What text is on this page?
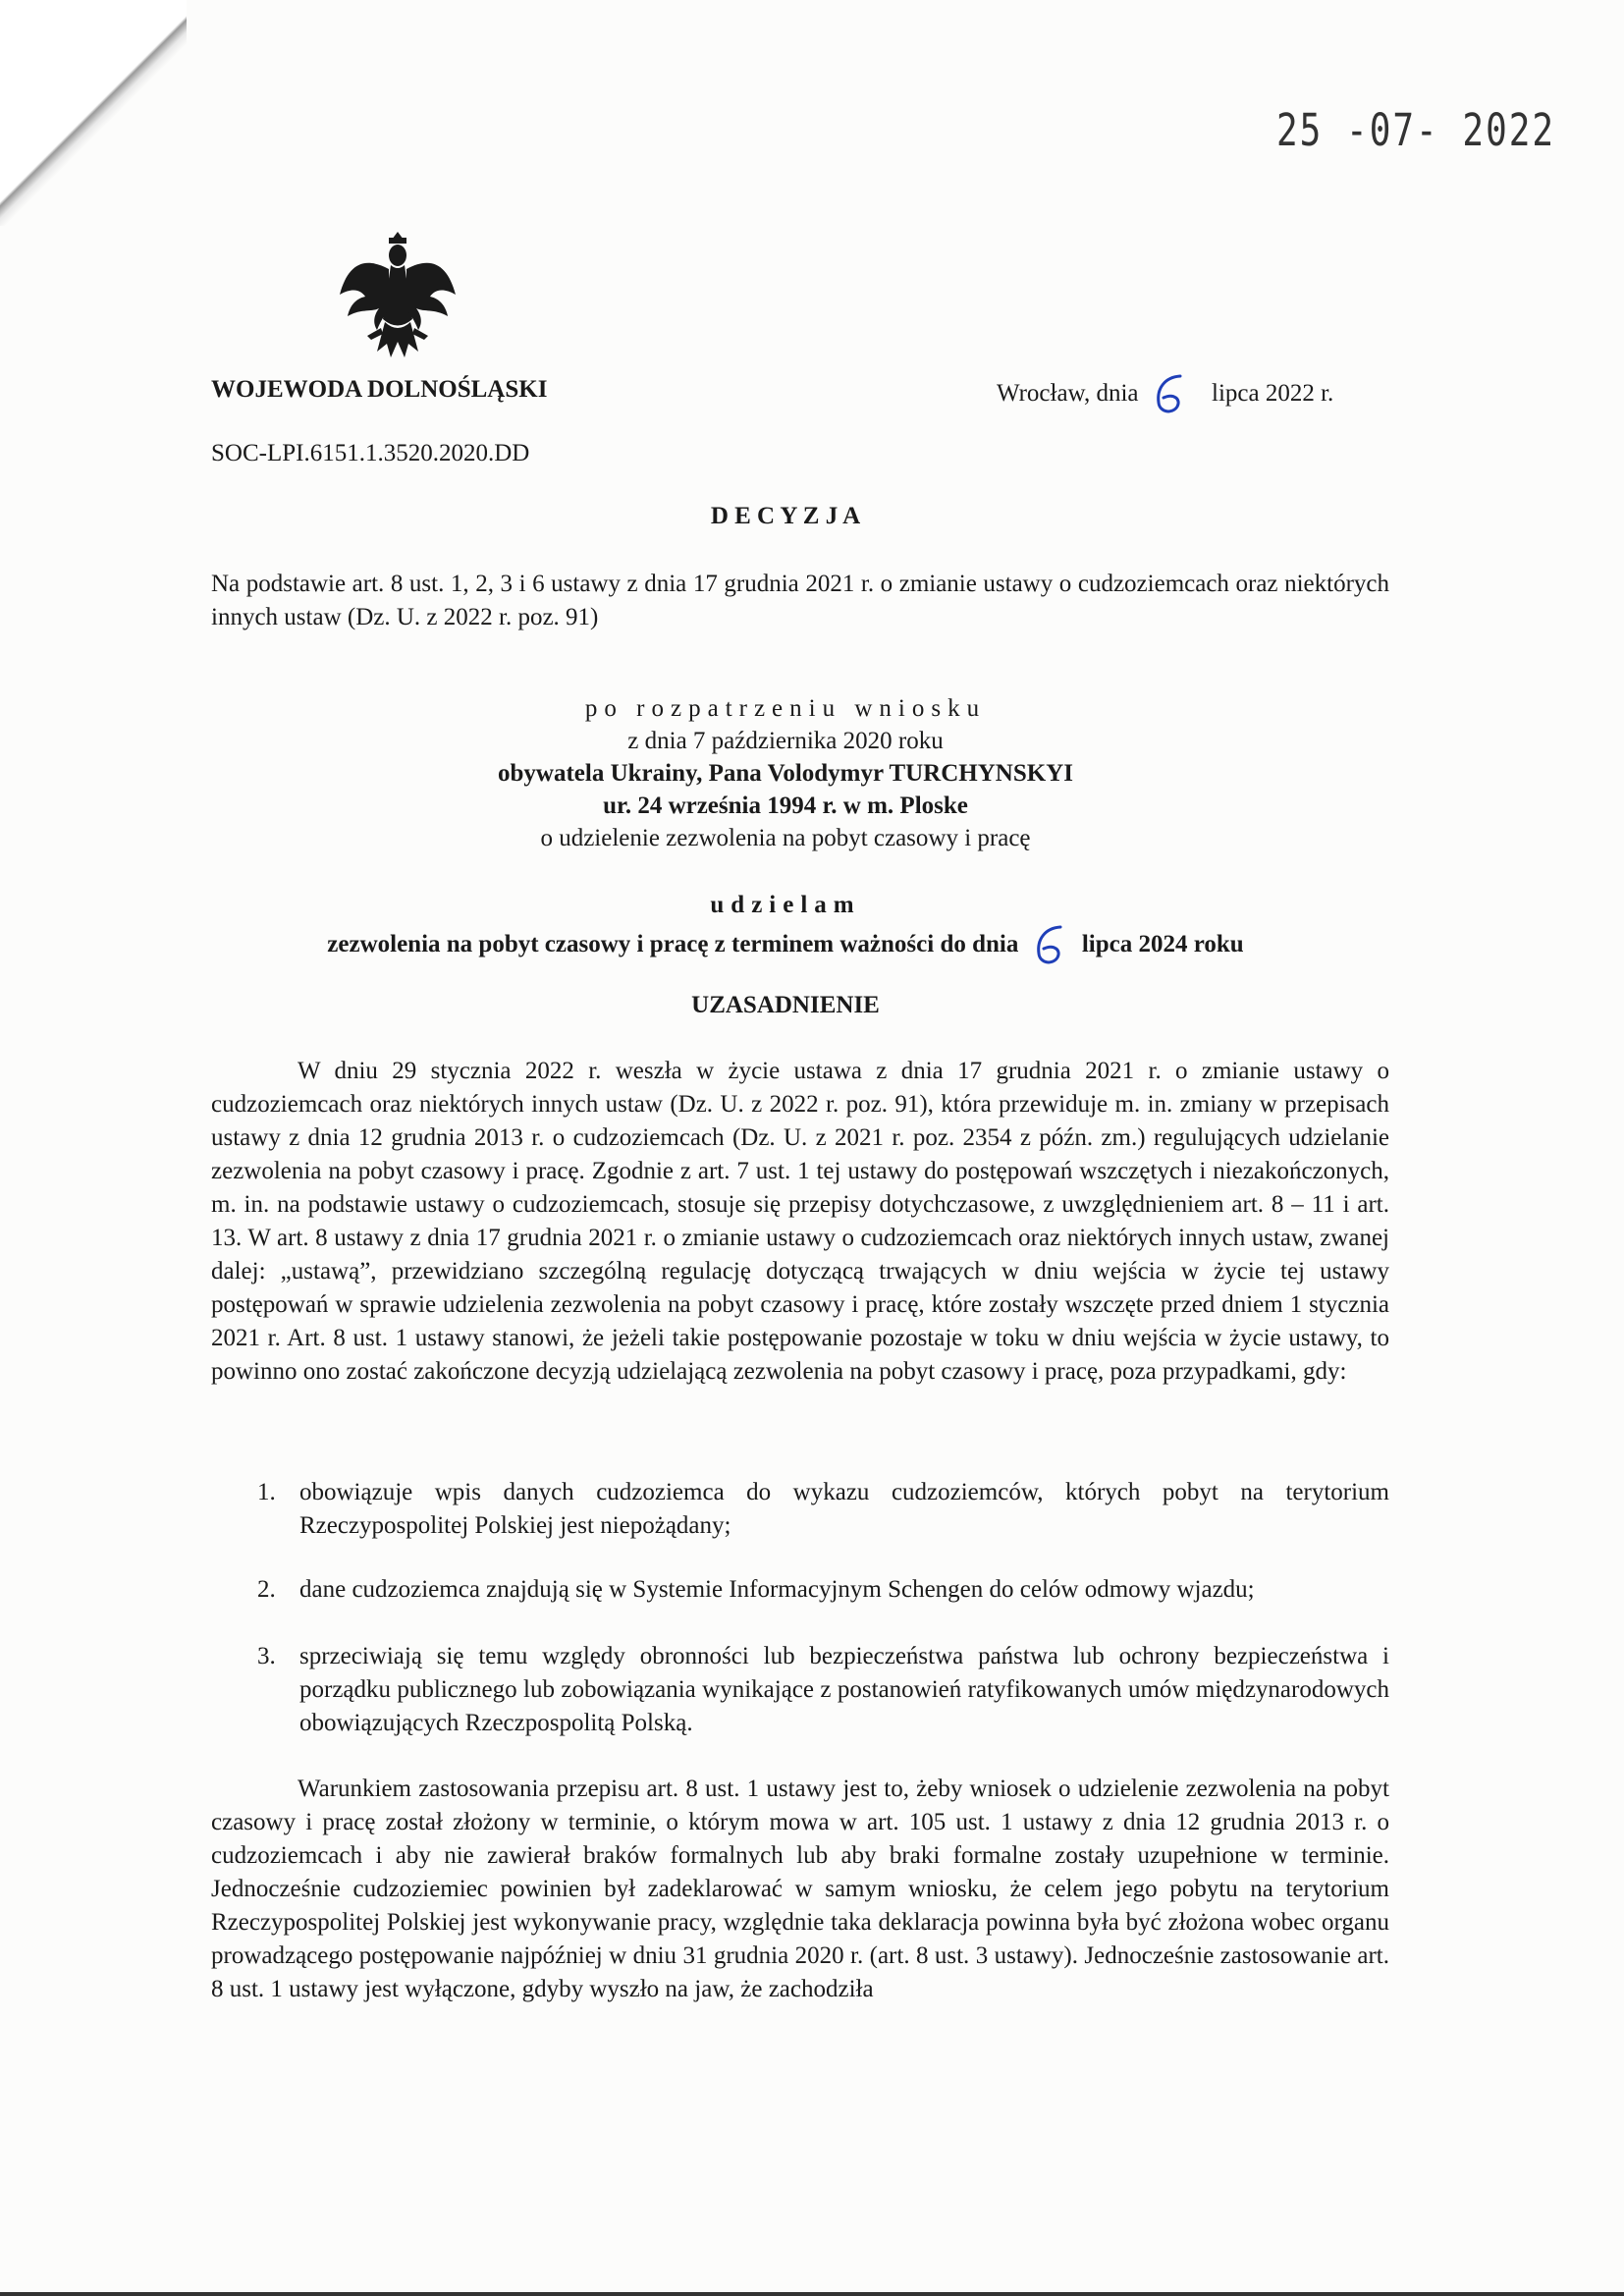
25 -07- 2022
WOJEWODA DOLNOŚLĄSKI	Wrocław, dnia	lipca 2022 r.
SOC-LPI.6151.1.3520.2020.DD
D E C Y Z J A
Na podstawie art. 8 ust. 1, 2, 3 i 6 ustawy z dnia 17 grudnia 2021 r. o zmianie ustawy o cudzoziemcach oraz niektórych innych ustaw (Dz. U. z 2022 r. poz. 91)
po rozpatrzeniu wniosku
z dnia 7 października 2020 roku
obywatela Ukrainy, Pana Volodymyr TURCHYNSKYI
ur. 24 września 1994 r. w m. Ploske
o udzielenie zezwolenia na pobyt czasowy i pracę
udzielam
zezwolenia na pobyt czasowy i pracę z terminem ważności do dnia	lipca 2024 roku
UZASADNIENIE
W dniu 29 stycznia 2022 r. weszła w życie ustawa z dnia 17 grudnia 2021 r. o zmianie ustawy o cudzoziemcach oraz niektórych innych ustaw (Dz. U. z 2022 r. poz. 91), która przewiduje m. in. zmiany w przepisach ustawy z dnia 12 grudnia 2013 r. o cudzoziemcach (Dz. U. z 2021 r. poz. 2354 z późn. zm.) regulujących udzielanie zezwolenia na pobyt czasowy i pracę. Zgodnie z art. 7 ust. 1 tej ustawy do postępowań wszczętych i niezakończonych, m. in. na podstawie ustawy o cudzoziemcach, stosuje się przepisy dotychczasowe, z uwzględnieniem art. 8 – 11 i art. 13. W art. 8 ustawy z dnia 17 grudnia 2021 r. o zmianie ustawy o cudzoziemcach oraz niektórych innych ustaw, zwanej dalej: „ustawą”, przewidziano szczególną regulację dotyczącą trwających w dniu wejścia w życie tej ustawy postępowań w sprawie udzielenia zezwolenia na pobyt czasowy i pracę, które zostały wszczęte przed dniem 1 stycznia 2021 r. Art. 8 ust. 1 ustawy stanowi, że jeżeli takie postępowanie pozostaje w toku w dniu wejścia w życie ustawy, to powinno ono zostać zakończone decyzją udzielającą zezwolenia na pobyt czasowy i pracę, poza przypadkami, gdy:
1. obowiązuje wpis danych cudzoziemca do wykazu cudzoziemców, których pobyt na terytorium Rzeczypospolitej Polskiej jest niepożądany;
2. dane cudzoziemca znajdują się w Systemie Informacyjnym Schengen do celów odmowy wjazdu;
3. sprzeciwiają się temu względy obronności lub bezpieczeństwa państwa lub ochrony bezpieczeństwa i porządku publicznego lub zobowiązania wynikające z postanowień ratyfikowanych umów międzynarodowych obowiązujących Rzeczpospolitą Polską.
Warunkiem zastosowania przepisu art. 8 ust. 1 ustawy jest to, żeby wniosek o udzielenie zezwolenia na pobyt czasowy i pracę został złożony w terminie, o którym mowa w art. 105 ust. 1 ustawy z dnia 12 grudnia 2013 r. o cudzoziemcach i aby nie zawierał braków formalnych lub aby braki formalne zostały uzupełnione w terminie. Jednocześnie cudzoziemiec powinien był zadeklarować w samym wniosku, że celem jego pobytu na terytorium Rzeczypospolitej Polskiej jest wykonywanie pracy, względnie taka deklaracja powinna była być złożona wobec organu prowadzącego postępowanie najpóźniej w dniu 31 grudnia 2020 r. (art. 8 ust. 3 ustawy). Jednocześnie zastosowanie art. 8 ust. 1 ustawy jest wyłączone, gdyby wyszło na jaw, że zachodziła
